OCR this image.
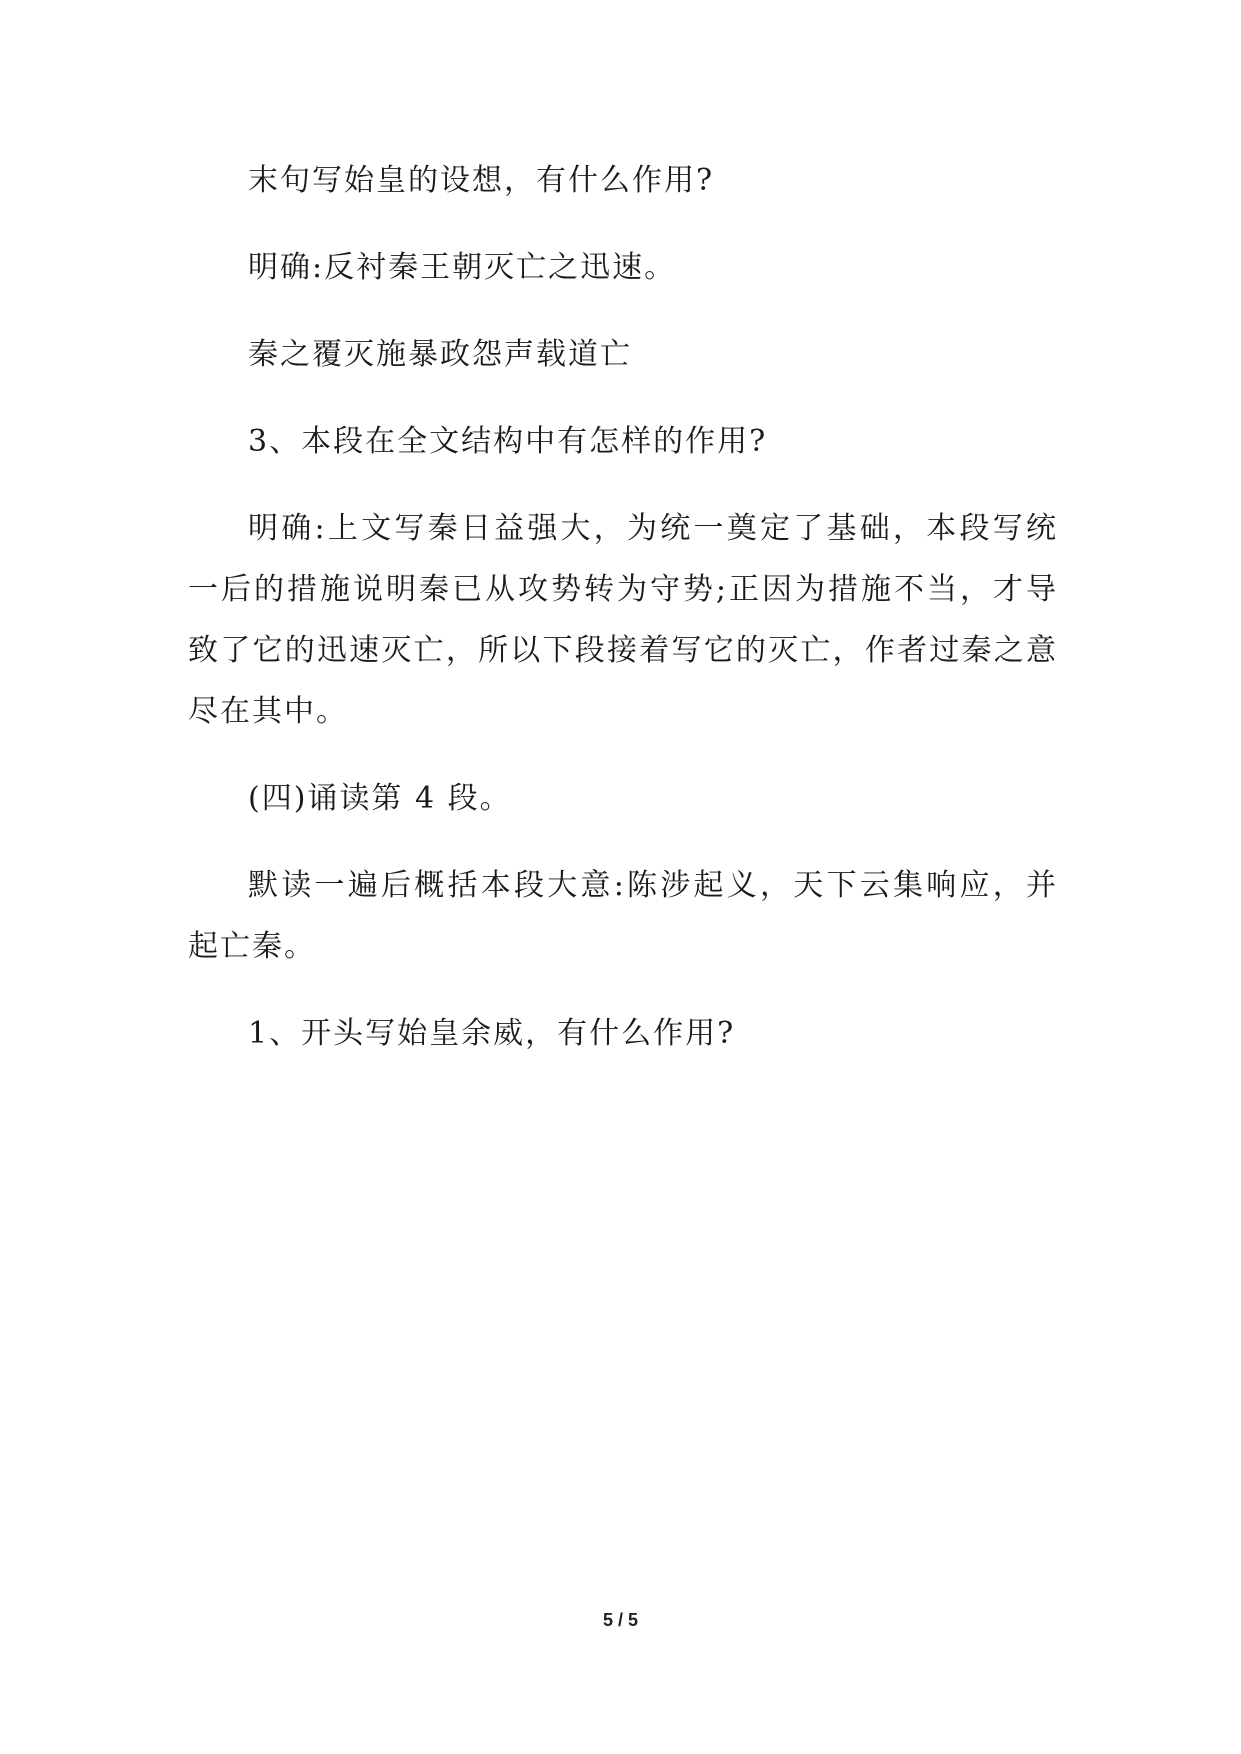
末句写始皇的设想，有什么作用?

明确:反衬秦王朝灭亡之迅速。

秦之覆灭施暴政怨声载道亡

3、本段在全文结构中有怎样的作用?

明确:上文写秦日益强大，为统一奠定了基础，本段写统一后的措施说明秦已从攻势转为守势;正因为措施不当，才导致了它的迅速灭亡，所以下段接着写它的灭亡，作者过秦之意尽在其中。

(四)诵读第 4 段。

默读一遍后概括本段大意:陈涉起义，天下云集响应，并起亡秦。

1、开头写始皇余威，有什么作用?

5 / 5
